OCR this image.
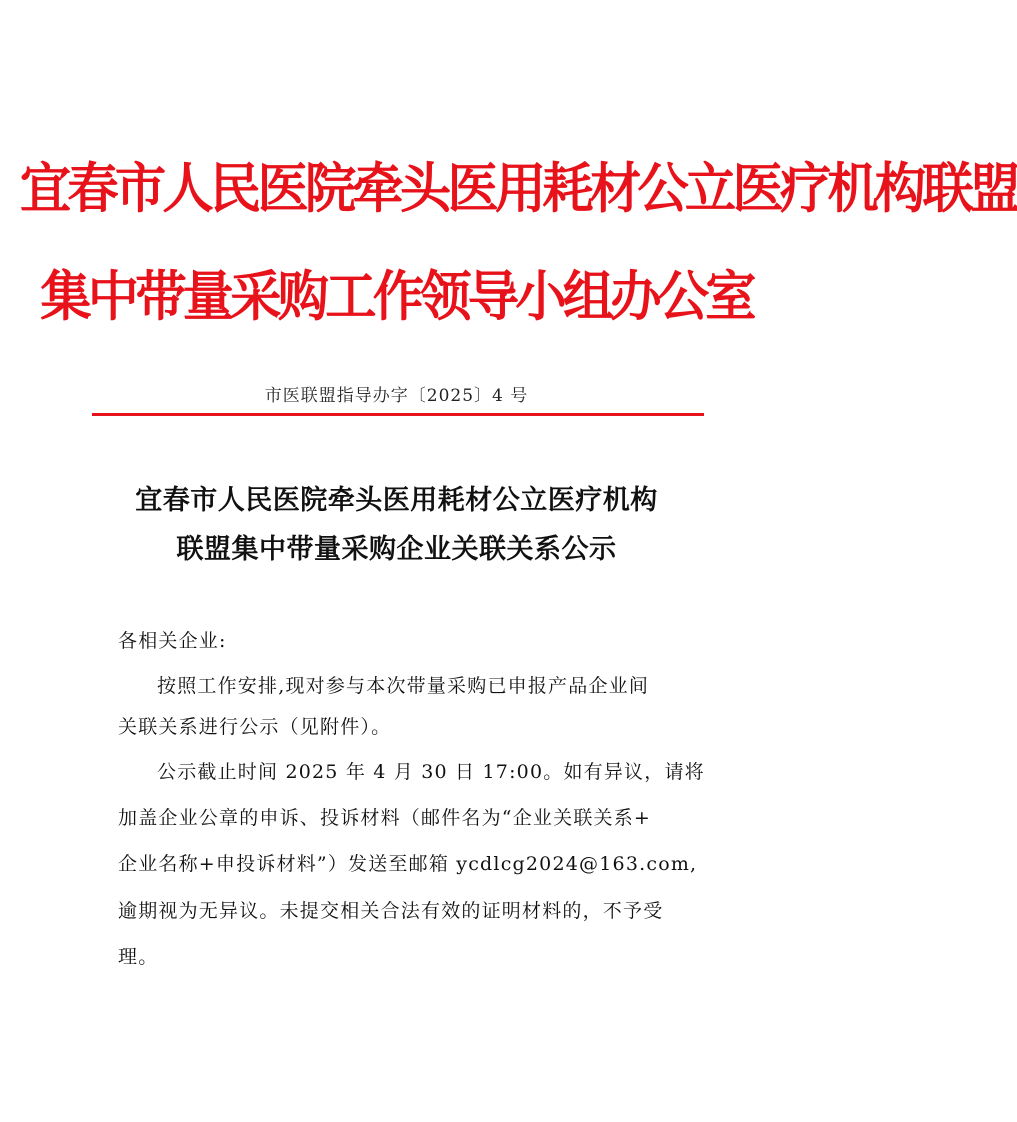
宜春市人民医院牵头医用耗材公立医疗机构联盟
集中带量采购工作领导小组办公室
市医联盟指导办字〔2025〕4 号
宜春市人民医院牵头医用耗材公立医疗机构
联盟集中带量采购企业关联关系公示
各相关企业:
按照工作安排,现对参与本次带量采购已申报产品企业间
关联关系进行公示（见附件）。
公示截止时间 2025 年 4 月 30 日 17:00。如有异议，请将
加盖企业公章的申诉、投诉材料（邮件名为“企业关联关系+
企业名称+申投诉材料”）发送至邮箱 ycdlcg2024@163.com,
逾期视为无异议。未提交相关合法有效的证明材料的，不予受
理。
